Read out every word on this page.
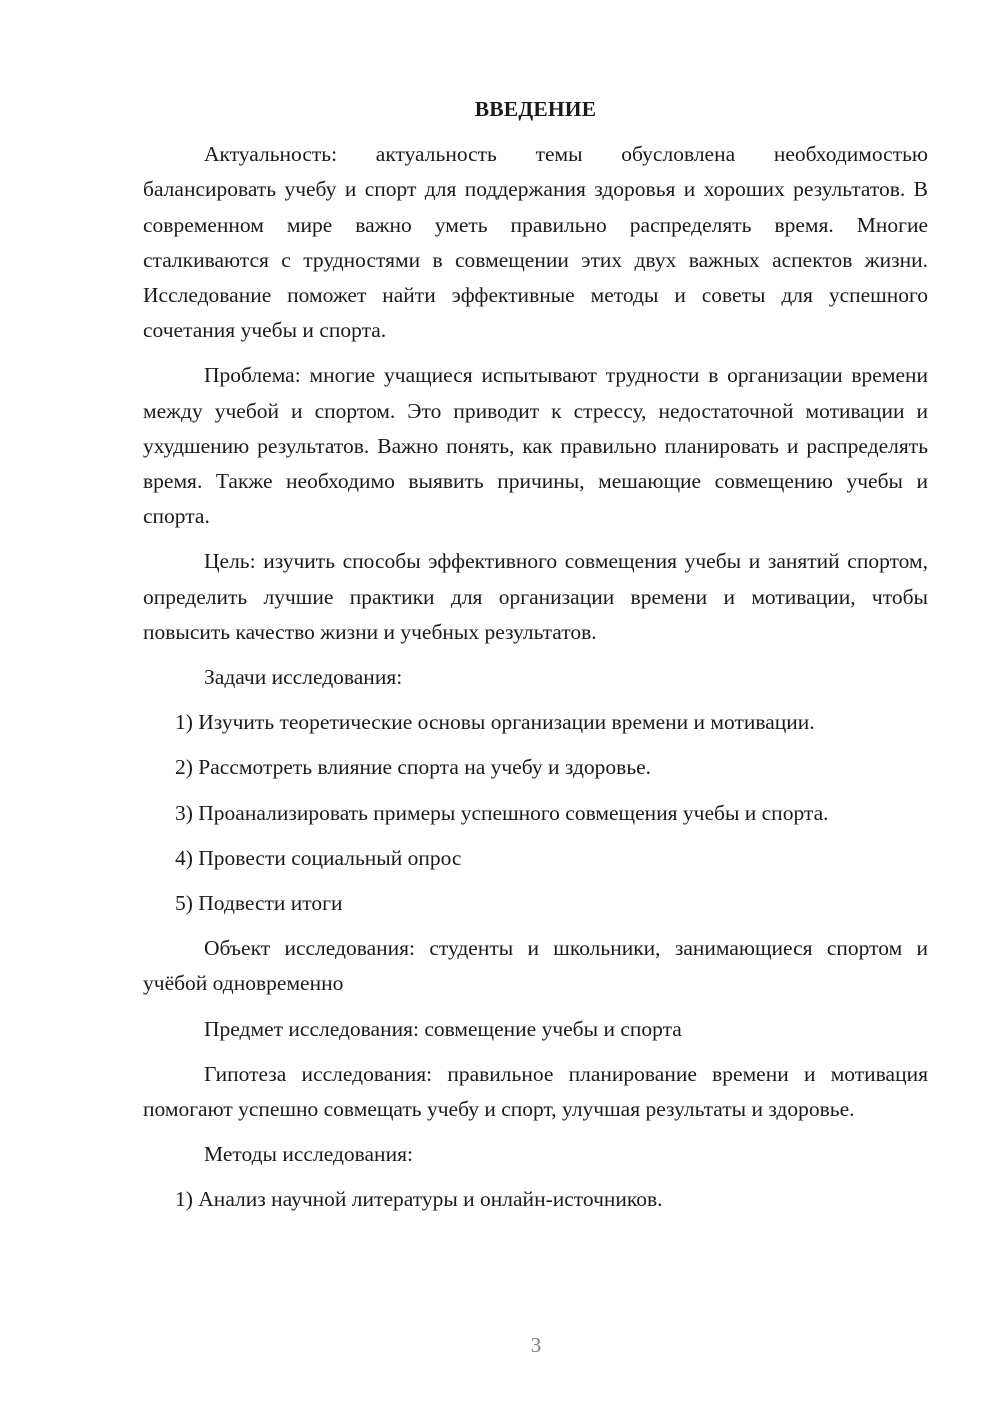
ВВЕДЕНИЕ

Актуальность: актуальность темы обусловлена необходимостью балансировать учебу и спорт для поддержания здоровья и хороших результатов. В современном мире важно уметь правильно распределять время. Многие сталкиваются с трудностями в совмещении этих двух важных аспектов жизни. Исследование поможет найти эффективные методы и советы для успешного сочетания учебы и спорта.

Проблема: многие учащиеся испытывают трудности в организации времени между учебой и спортом. Это приводит к стрессу, недостаточной мотивации и ухудшению результатов. Важно понять, как правильно планировать и распределять время. Также необходимо выявить причины, мешающие совмещению учебы и спорта.

Цель: изучить способы эффективного совмещения учебы и занятий спортом, определить лучшие практики для организации времени и мотивации, чтобы повысить качество жизни и учебных результатов.

Задачи исследования:

1) Изучить теоретические основы организации времени и мотивации.

2) Рассмотреть влияние спорта на учебу и здоровье.

3) Проанализировать примеры успешного совмещения учебы и спорта.

4) Провести социальный опрос

5) Подвести итоги

Объект исследования: студенты и школьники, занимающиеся спортом и учёбой одновременно

Предмет исследования: совмещение учебы и спорта

Гипотеза исследования: правильное планирование времени и мотивация помогают успешно совмещать учебу и спорт, улучшая результаты и здоровье.

Методы исследования:

1) Анализ научной литературы и онлайн-источников.

3
